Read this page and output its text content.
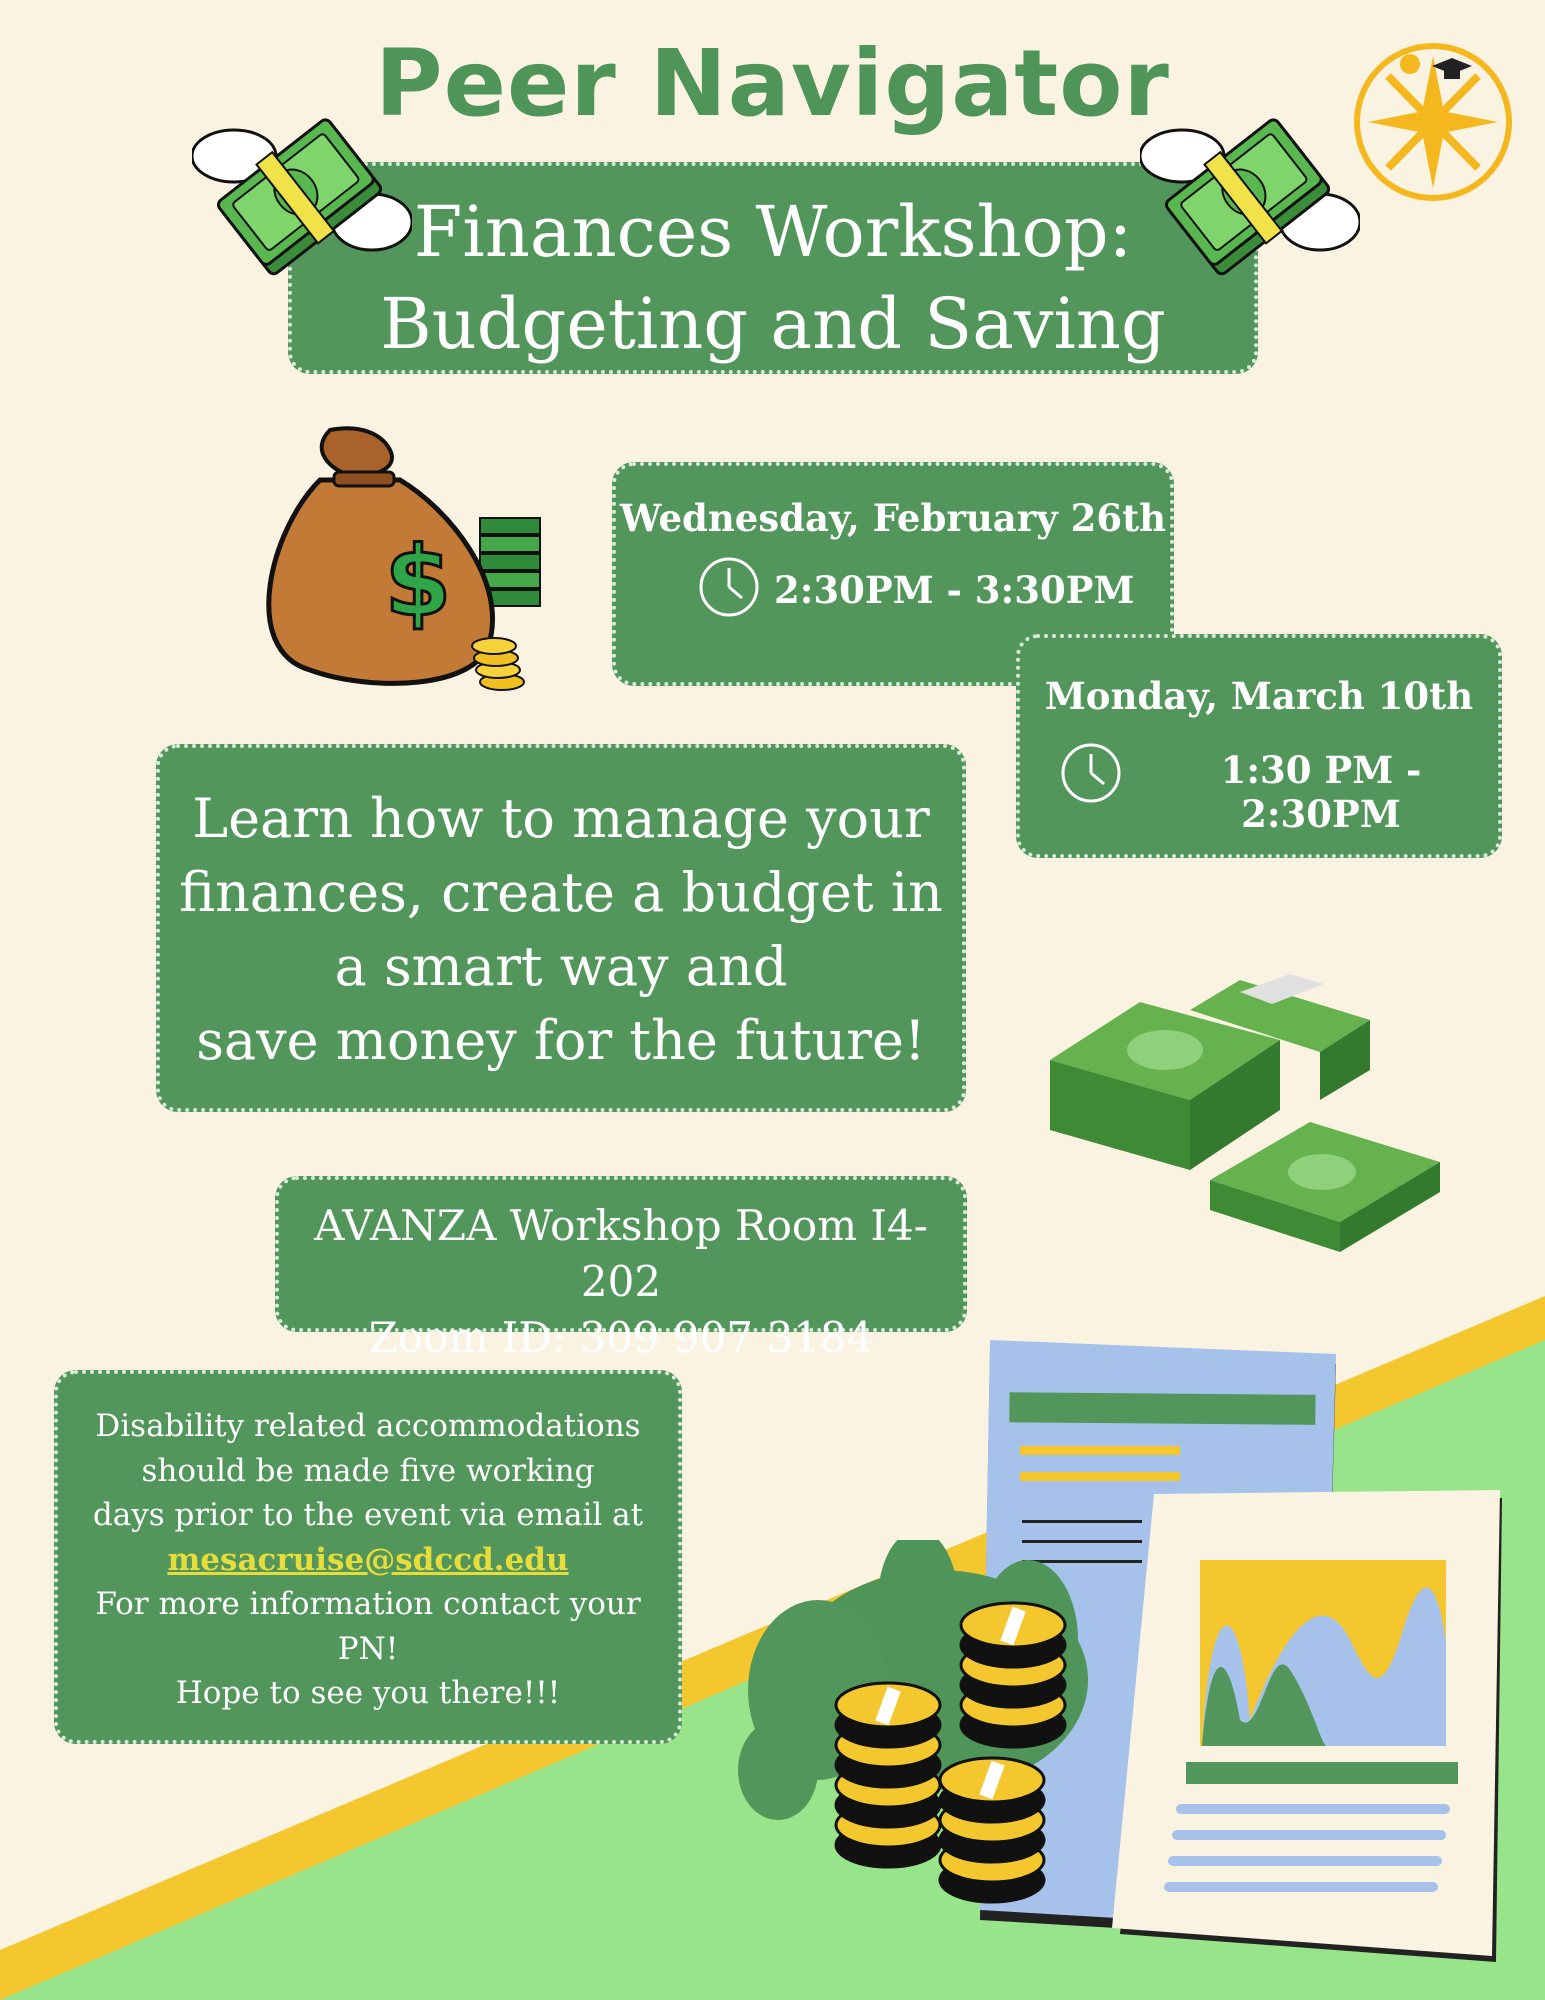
Peer Navigator
Finances Workshop:
Budgeting and Saving
$
Wednesday, February 26th
2:30PM - 3:30PM
Monday, March 10th
1:30 PM - 2:30PM
Learn how to manage your
finances, create a budget in
a smart way and
save money for the future!
AVANZA Workshop Room I4-202
Zoom ID: 309 907 3184
Disability related accommodations
should be made five working
days prior to the event via email at
mesacruise@sdccd.edu
For more information contact your
PN!
Hope to see you there!!!
